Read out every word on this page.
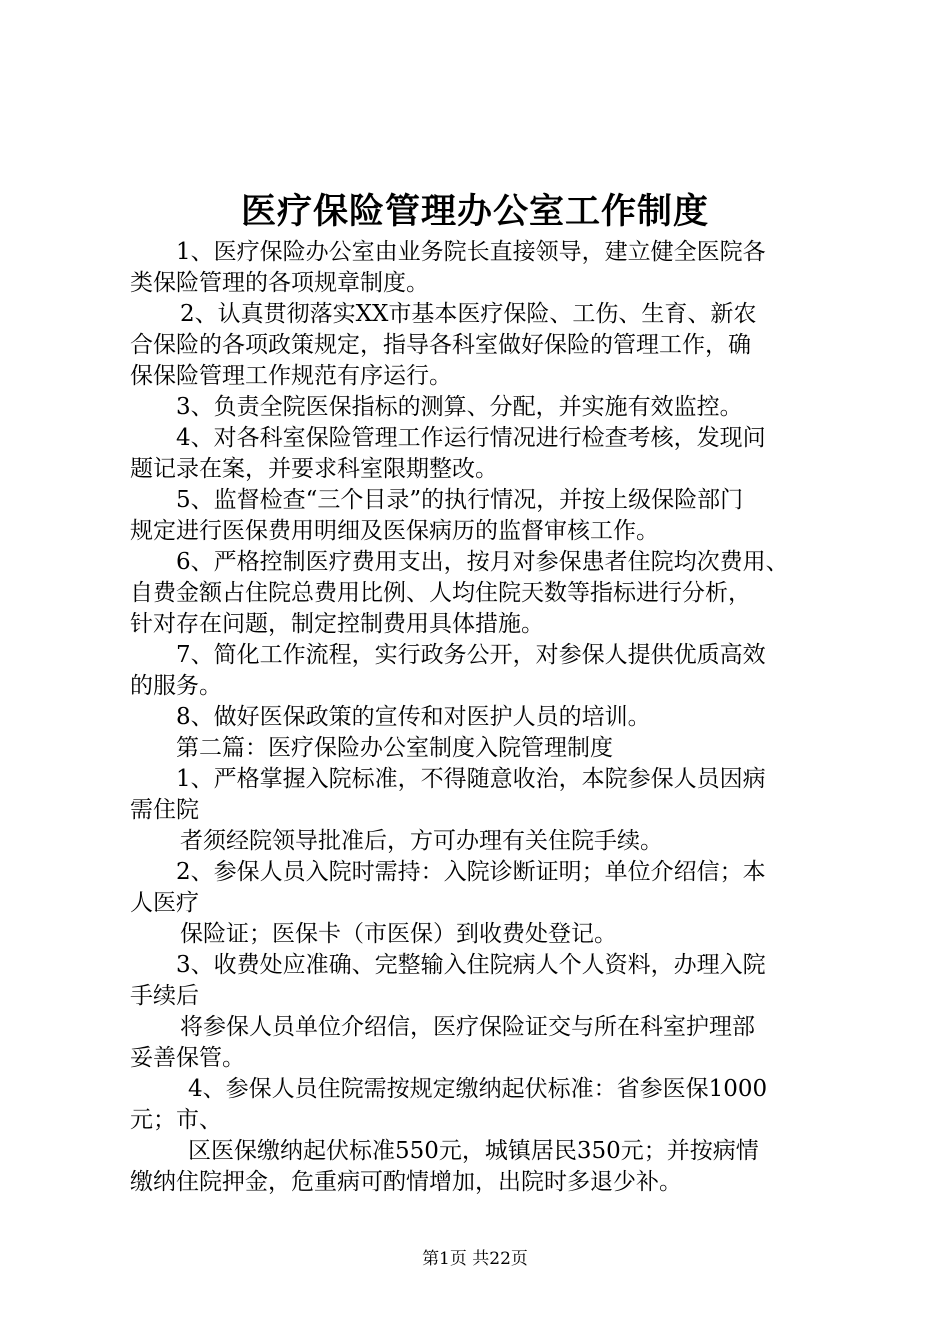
医疗保险管理办公室工作制度
1、医疗保险办公室由业务院长直接领导，建立健全医院各
类保险管理的各项规章制度。
2、认真贯彻落实XX市基本医疗保险、工伤、生育、新农
合保险的各项政策规定，指导各科室做好保险的管理工作，确
保保险管理工作规范有序运行。
3、负责全院医保指标的测算、分配，并实施有效监控。
4、对各科室保险管理工作运行情况进行检查考核，发现问
题记录在案，并要求科室限期整改。
5、监督检查“三个目录”的执行情况，并按上级保险部门
规定进行医保费用明细及医保病历的监督审核工作。
6、严格控制医疗费用支出，按月对参保患者住院均次费用、
自费金额占住院总费用比例、人均住院天数等指标进行分析，
针对存在问题，制定控制费用具体措施。
7、简化工作流程，实行政务公开，对参保人提供优质高效
的服务。
8、做好医保政策的宣传和对医护人员的培训。
第二篇：医疗保险办公室制度入院管理制度
1、严格掌握入院标准，不得随意收治，本院参保人员因病
需住院
者须经院领导批准后，方可办理有关住院手续。
2、参保人员入院时需持：入院诊断证明；单位介绍信；本
人医疗
保险证；医保卡（市医保）到收费处登记。
3、收费处应准确、完整输入住院病人个人资料，办理入院
手续后
将参保人员单位介绍信，医疗保险证交与所在科室护理部
妥善保管。
4、参保人员住院需按规定缴纳起伏标准：省参医保1000
元；市、
区医保缴纳起伏标准550元，城镇居民350元；并按病情
缴纳住院押金，危重病可酌情增加，出院时多退少补。
第1页 共22页
